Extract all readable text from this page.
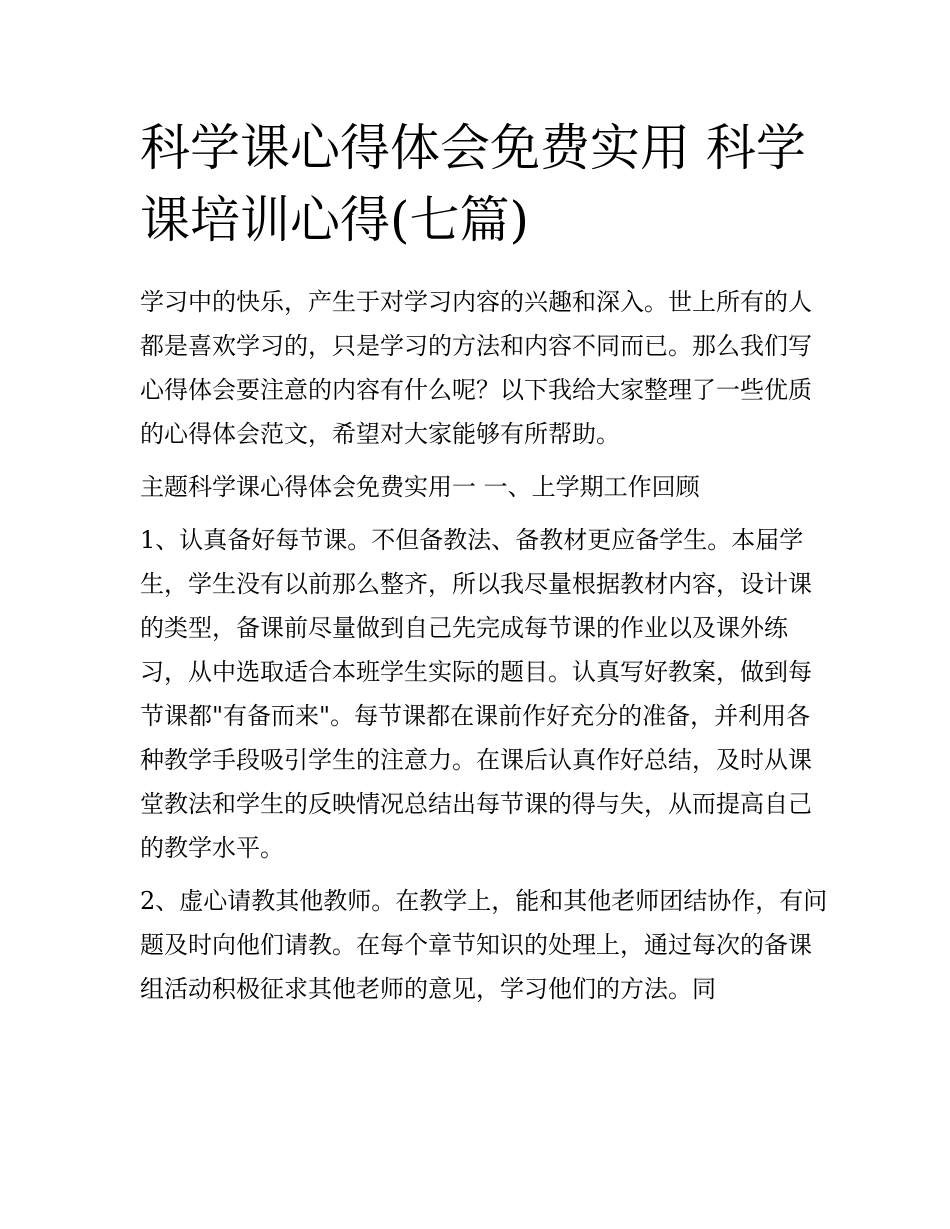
科学课心得体会免费实用 科学课培训心得(七篇)

学习中的快乐，产生于对学习内容的兴趣和深入。世上所有的人都是喜欢学习的，只是学习的方法和内容不同而已。那么我们写心得体会要注意的内容有什么呢？以下我给大家整理了一些优质的心得体会范文，希望对大家能够有所帮助。

主题科学课心得体会免费实用一 一、上学期工作回顾

1、认真备好每节课。不但备教法、备教材更应备学生。本届学生，学生没有以前那么整齐，所以我尽量根据教材内容，设计课的类型，备课前尽量做到自己先完成每节课的作业以及课外练习，从中选取适合本班学生实际的题目。认真写好教案，做到每节课都"有备而来"。每节课都在课前作好充分的准备，并利用各种教学手段吸引学生的注意力。在课后认真作好总结，及时从课堂教法和学生的反映情况总结出每节课的得与失，从而提高自己的教学水平。

2、虚心请教其他教师。在教学上，能和其他老师团结协作，有问题及时向他们请教。在每个章节知识的处理上，通过每次的备课组活动积极征求其他老师的意见，学习他们的方法。同
